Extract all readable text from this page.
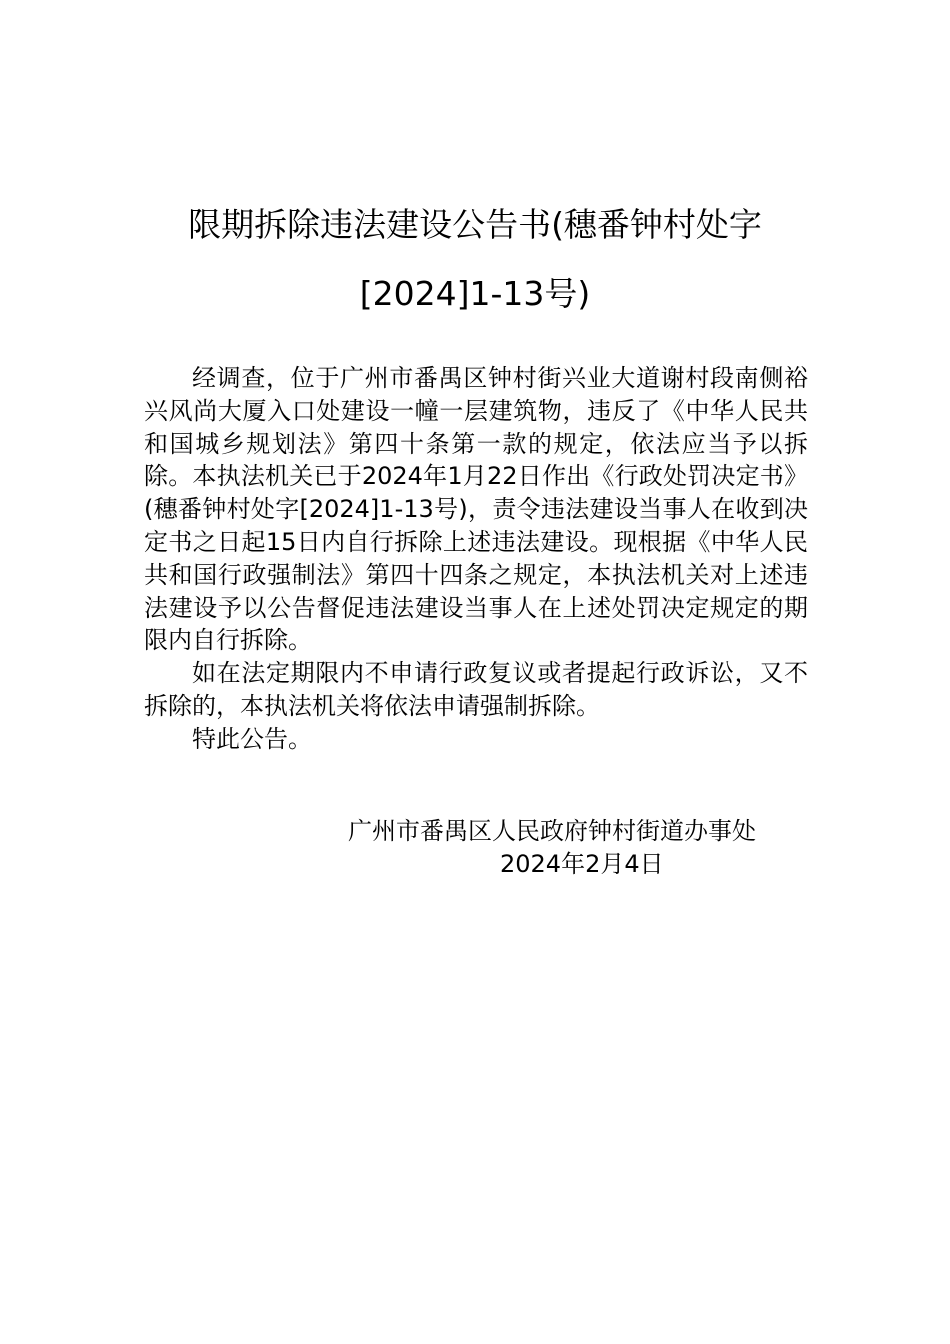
限期拆除违法建设公告书(穗番钟村处字
[2024]1-13号)

经调查，位于广州市番禺区钟村街兴业大道谢村段南侧裕兴风尚大厦入口处建设一幢一层建筑物，违反了《中华人民共和国城乡规划法》第四十条第一款的规定，依法应当予以拆除。本执法机关已于2024年1月22日作出《行政处罚决定书》(穗番钟村处字[2024]1-13号)，责令违法建设当事人在收到决定书之日起15日内自行拆除上述违法建设。现根据《中华人民共和国行政强制法》第四十四条之规定，本执法机关对上述违法建设予以公告督促违法建设当事人在上述处罚决定规定的期限内自行拆除。

如在法定期限内不申请行政复议或者提起行政诉讼，又不拆除的，本执法机关将依法申请强制拆除。

特此公告。

广州市番禺区人民政府钟村街道办事处
2024年2月4日
